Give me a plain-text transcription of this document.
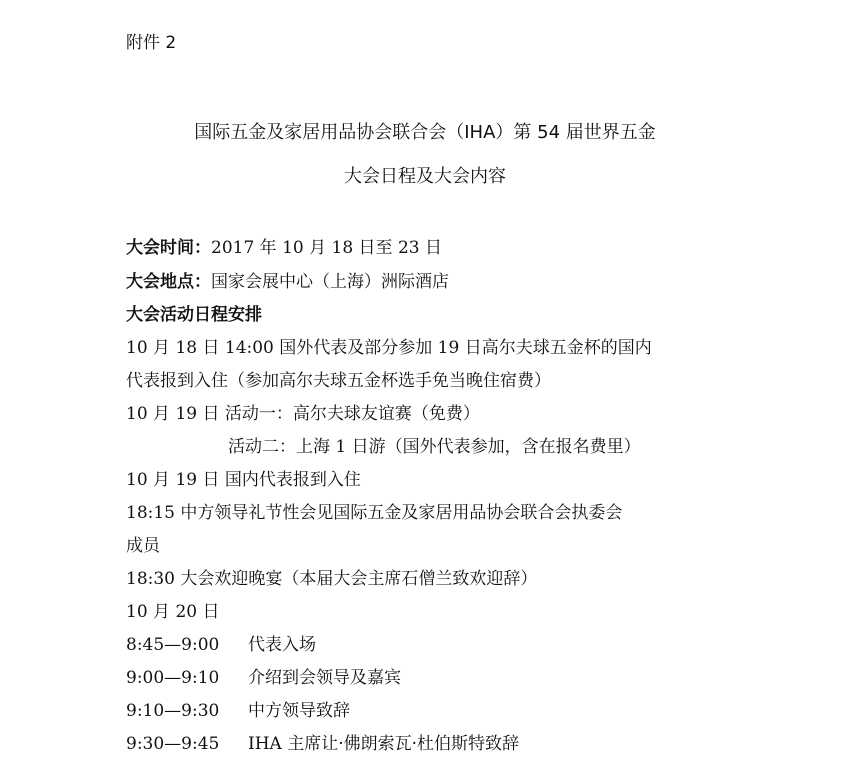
附件 2
国际五金及家居用品协会联合会（IHA）第 54 届世界五金
大会日程及大会内容
大会时间：2017 年 10 月 18 日至 23 日
大会地点：国家会展中心（上海）洲际酒店
大会活动日程安排
10 月 18 日 14:00 国外代表及部分参加 19 日高尔夫球五金杯的国内
代表报到入住（参加高尔夫球五金杯选手免当晚住宿费）
10 月 19 日 活动一：高尔夫球友谊赛（免费）
活动二：上海 1 日游（国外代表参加，含在报名费里）
10 月 19 日 国内代表报到入住
18:15 中方领导礼节性会见国际五金及家居用品协会联合会执委会
成员
18:30 大会欢迎晚宴（本届大会主席石僧兰致欢迎辞）
10 月 20 日
8:45—9:00 代表入场
9:00—9:10 介绍到会领导及嘉宾
9:10—9:30 中方领导致辞
9:30—9:45 IHA 主席让·佛朗索瓦·杜伯斯特致辞
